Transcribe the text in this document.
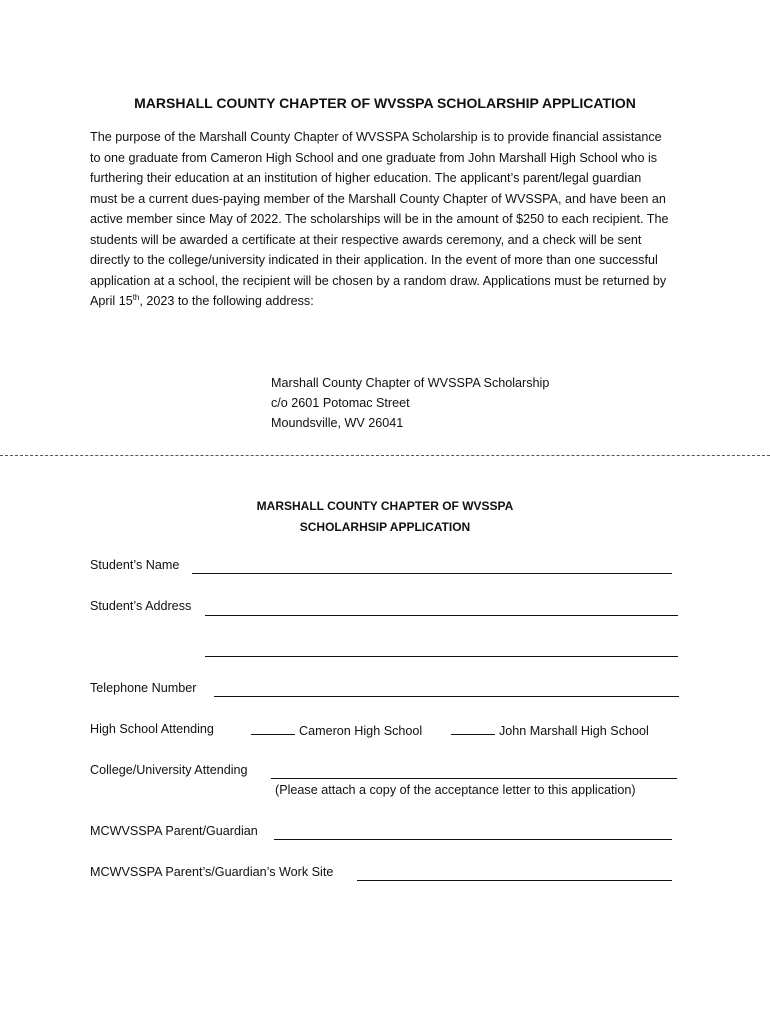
MARSHALL COUNTY CHAPTER OF WVSSPA SCHOLARSHIP APPLICATION

The purpose of the Marshall County Chapter of WVSSPA Scholarship is to provide financial assistance to one graduate from Cameron High School and one graduate from John Marshall High School who is furthering their education at an institution of higher education. The applicant’s parent/legal guardian must be a current dues-paying member of the Marshall County Chapter of WVSSPA, and have been an active member since May of 2022. The scholarships will be in the amount of $250 to each recipient. The students will be awarded a certificate at their respective awards ceremony, and a check will be sent directly to the college/university indicated in their application. In the event of more than one successful application at a school, the recipient will be chosen by a random draw. Applications must be returned by April 15th, 2023 to the following address:

Marshall County Chapter of WVSSPA Scholarship
c/o 2601 Potomac Street
Moundsville, WV 26041
MARSHALL COUNTY CHAPTER OF WVSSPA
SCHOLARHSIP APPLICATION
Student’s Name
Student’s Address
Telephone Number
High School Attending	Cameron High School	John Marshall High School
College/University Attending
(Please attach a copy of the acceptance letter to this application)
MCWVSSPA Parent/Guardian
MCWVSSPA Parent’s/Guardian’s Work Site
